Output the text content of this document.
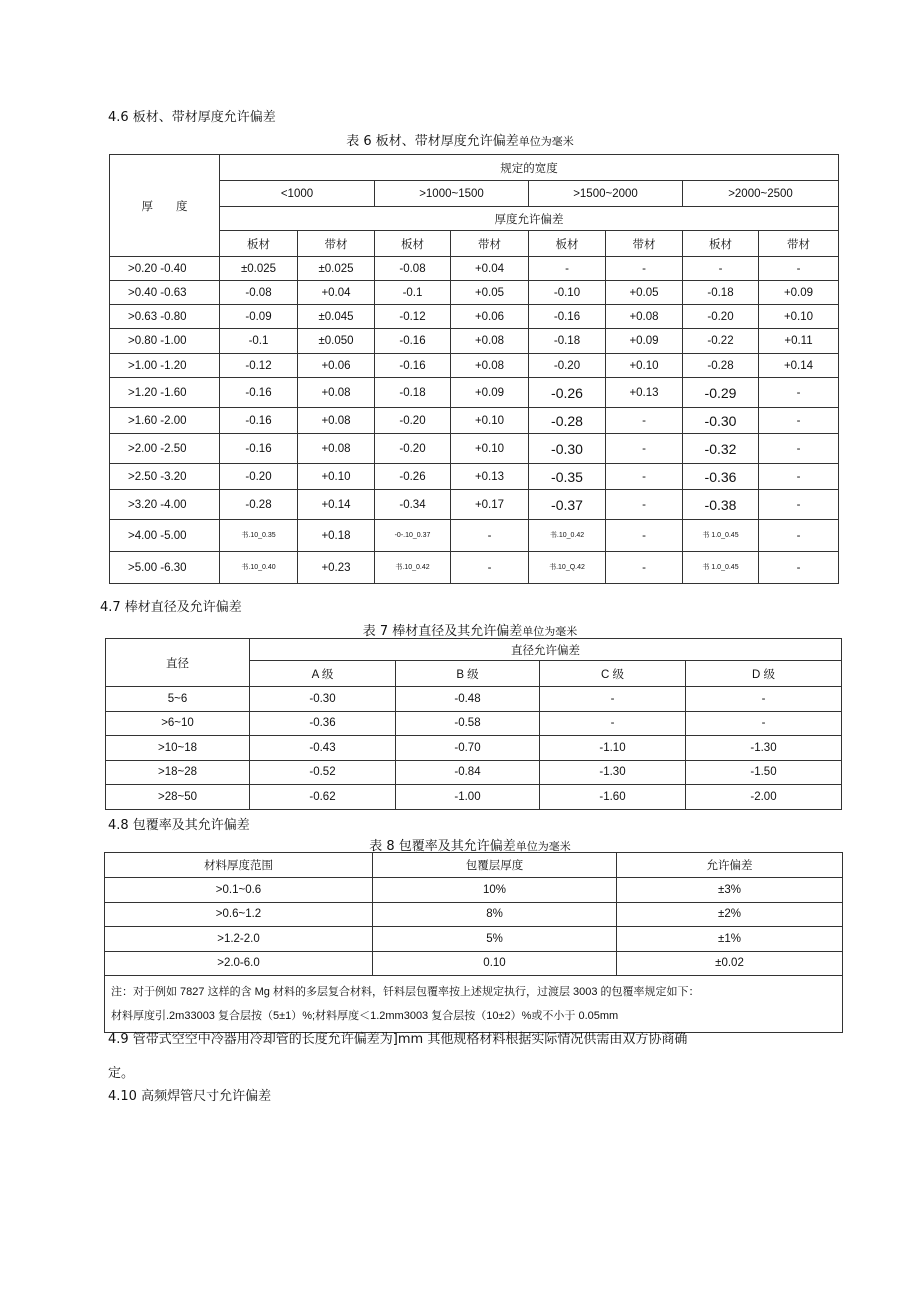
4.6 板材、带材厚度允许偏差
表 6 板材、带材厚度允许偏差单位为毫米
厚　　度	规定的宽度							
	<1000		>1000~1500		>1500~2000		>2000~2500	
	厚度允许偏差							
	板材	带材	板材	带材	板材	带材	板材	带材
>0.20 -0.40	±0.025	±0.025	-0.08	+0.04	-	-	-	-
>0.40 -0.63	-0.08	+0.04	-0.1	+0.05	-0.10	+0.05	-0.18	+0.09
>0.63 -0.80	-0.09	±0.045	-0.12	+0.06	-0.16	+0.08	-0.20	+0.10
>0.80 -1.00	-0.1	±0.050	-0.16	+0.08	-0.18	+0.09	-0.22	+0.11
>1.00 -1.20	-0.12	+0.06	-0.16	+0.08	-0.20	+0.10	-0.28	+0.14
>1.20 -1.60	-0.16	+0.08	-0.18	+0.09	-0.26	+0.13	-0.29	-
>1.60 -2.00	-0.16	+0.08	-0.20	+0.10	-0.28	-	-0.30	-
>2.00 -2.50	-0.16	+0.08	-0.20	+0.10	-0.30	-	-0.32	-
>2.50 -3.20	-0.20	+0.10	-0.26	+0.13	-0.35	-	-0.36	-
>3.20 -4.00	-0.28	+0.14	-0.34	+0.17	-0.37	-	-0.38	-
>4.00 -5.00	书.10_0.35	+0.18	-0-.10_0.37	-	书.10_0.42	-	书 1.0_0.45	-
>5.00 -6.30	书.10_0.40	+0.23	书.10_0.42	-	书.10_Q.42	-	书 1.0_0.45	-
4.7 棒材直径及允许偏差
表 7 棒材直径及其允许偏差单位为毫米
直径	直径允许偏差			
	A 级	B 级	C 级	D 级
5~6	-0.30	-0.48	-	-
>6~10	-0.36	-0.58	-	-
>10~18	-0.43	-0.70	-1.10	-1.30
>18~28	-0.52	-0.84	-1.30	-1.50
>28~50	-0.62	-1.00	-1.60	-2.00
4.8 包覆率及其允许偏差
表 8 包覆率及其允许偏差单位为毫米
材料厚度范围	包覆层厚度	允许偏差
>0.1~0.6	10%	±3%
>0.6~1.2	8%	±2%
>1.2-2.0	5%	±1%
>2.0-6.0	0.10	±0.02

注：对于例如 7827 这样的含 Mg 材料的多层复合材料，钎料层包覆率按上述规定执行，过渡层 3003 的包覆率规定如下：
材料厚度引.2m33003 复合层按（5±1）%;材料厚度＜1.2mm3003 复合层按（10±2）%或不小于 0.05mm		
4.9 管带式空空中冷器用冷却管的长度允许偏差为]mm 其他规格材料根据实际情况供需由双方协商确
定。
4.10 高频焊管尺寸允许偏差
